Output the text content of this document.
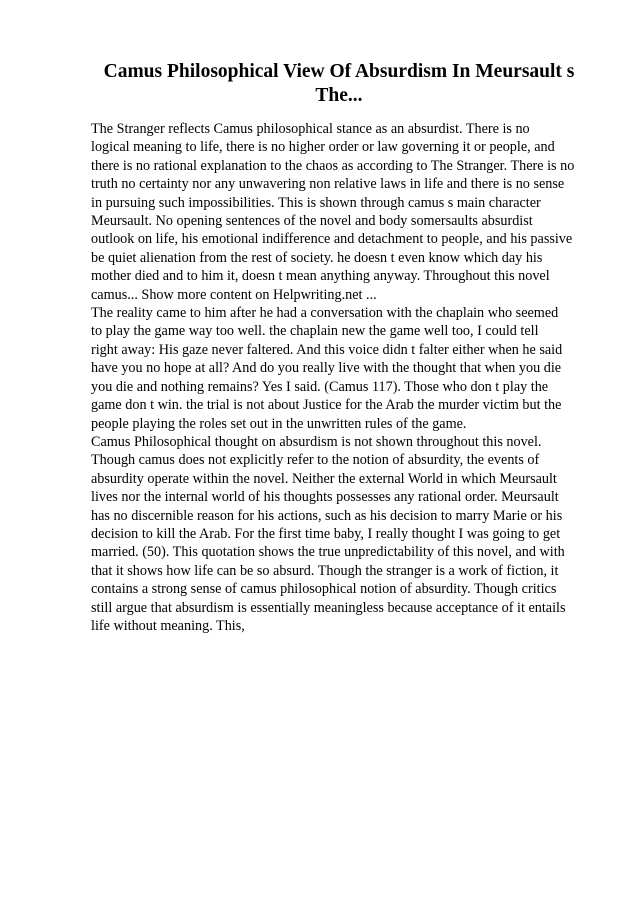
Camus Philosophical View Of Absurdism In Meursault s
The...
The Stranger reflects Camus philosophical stance as an absurdist. There is no
logical meaning to life, there is no higher order or law governing it or people, and
there is no rational explanation to the chaos as according to The Stranger. There is no
truth no certainty nor any unwavering non relative laws in life and there is no sense
in pursuing such impossibilities. This is shown through camus s main character
Meursault. No opening sentences of the novel and body somersaults absurdist
outlook on life, his emotional indifference and detachment to people, and his passive
be quiet alienation from the rest of society. he doesn t even know which day his
mother died and to him it, doesn t mean anything anyway. Throughout this novel
camus... Show more content on Helpwriting.net ...
The reality came to him after he had a conversation with the chaplain who seemed
to play the game way too well. the chaplain new the game well too, I could tell
right away: His gaze never faltered. And this voice didn t falter either when he said
have you no hope at all? And do you really live with the thought that when you die
you die and nothing remains? Yes I said. (Camus 117). Those who don t play the
game don t win. the trial is not about Justice for the Arab the murder victim but the
people playing the roles set out in the unwritten rules of the game.
Camus Philosophical thought on absurdism is not shown throughout this novel.
Though camus does not explicitly refer to the notion of absurdity, the events of
absurdity operate within the novel. Neither the external World in which Meursault
lives nor the internal world of his thoughts possesses any rational order. Meursault
has no discernible reason for his actions, such as his decision to marry Marie or his
decision to kill the Arab. For the first time baby, I really thought I was going to get
married. (50). This quotation shows the true unpredictability of this novel, and with
that it shows how life can be so absurd. Though the stranger is a work of fiction, it
contains a strong sense of camus philosophical notion of absurdity. Though critics
still argue that absurdism is essentially meaningless because acceptance of it entails
life without meaning. This,
